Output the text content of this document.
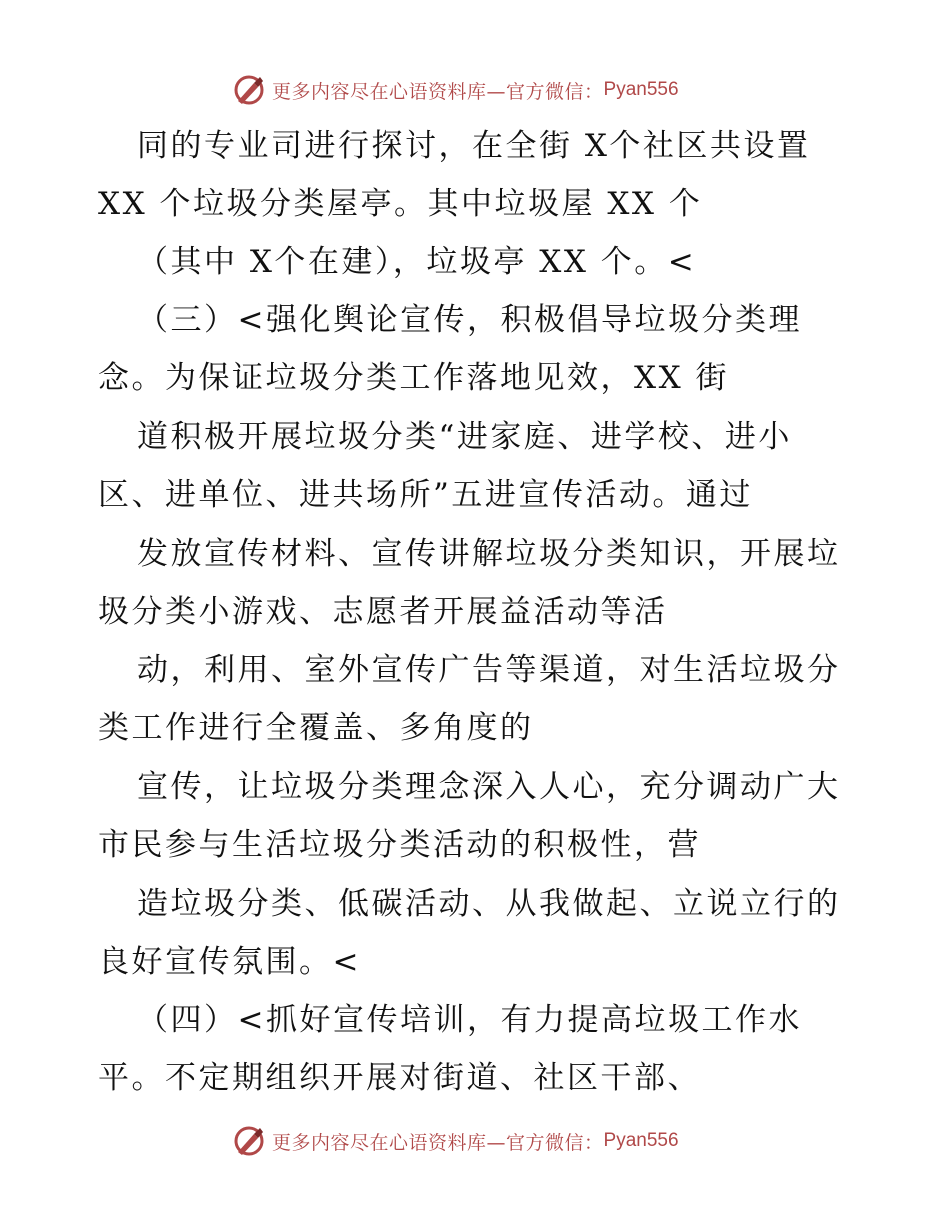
更多内容尽在心语资料库—官方微信： Pyan556
同的专业司进行探讨，在全街 X个社区共设置
XX 个垃圾分类屋亭。其中垃圾屋 XX 个
（其中 X个在建），垃圾亭 XX 个。<
（三）<强化舆论宣传，积极倡导垃圾分类理
念。为保证垃圾分类工作落地见效，XX 街
道积极开展垃圾分类“进家庭、进学校、进小
区、进单位、进共场所”五进宣传活动。通过
发放宣传材料、宣传讲解垃圾分类知识，开展垃
圾分类小游戏、志愿者开展益活动等活
动，利用、室外宣传广告等渠道，对生活垃圾分
类工作进行全覆盖、多角度的
宣传，让垃圾分类理念深入人心，充分调动广大
市民参与生活垃圾分类活动的积极性，营
造垃圾分类、低碳活动、从我做起、立说立行的
良好宣传氛围。<
（四）<抓好宣传培训，有力提高垃圾工作水
平。不定期组织开展对街道、社区干部、
更多内容尽在心语资料库—官方微信： Pyan556
